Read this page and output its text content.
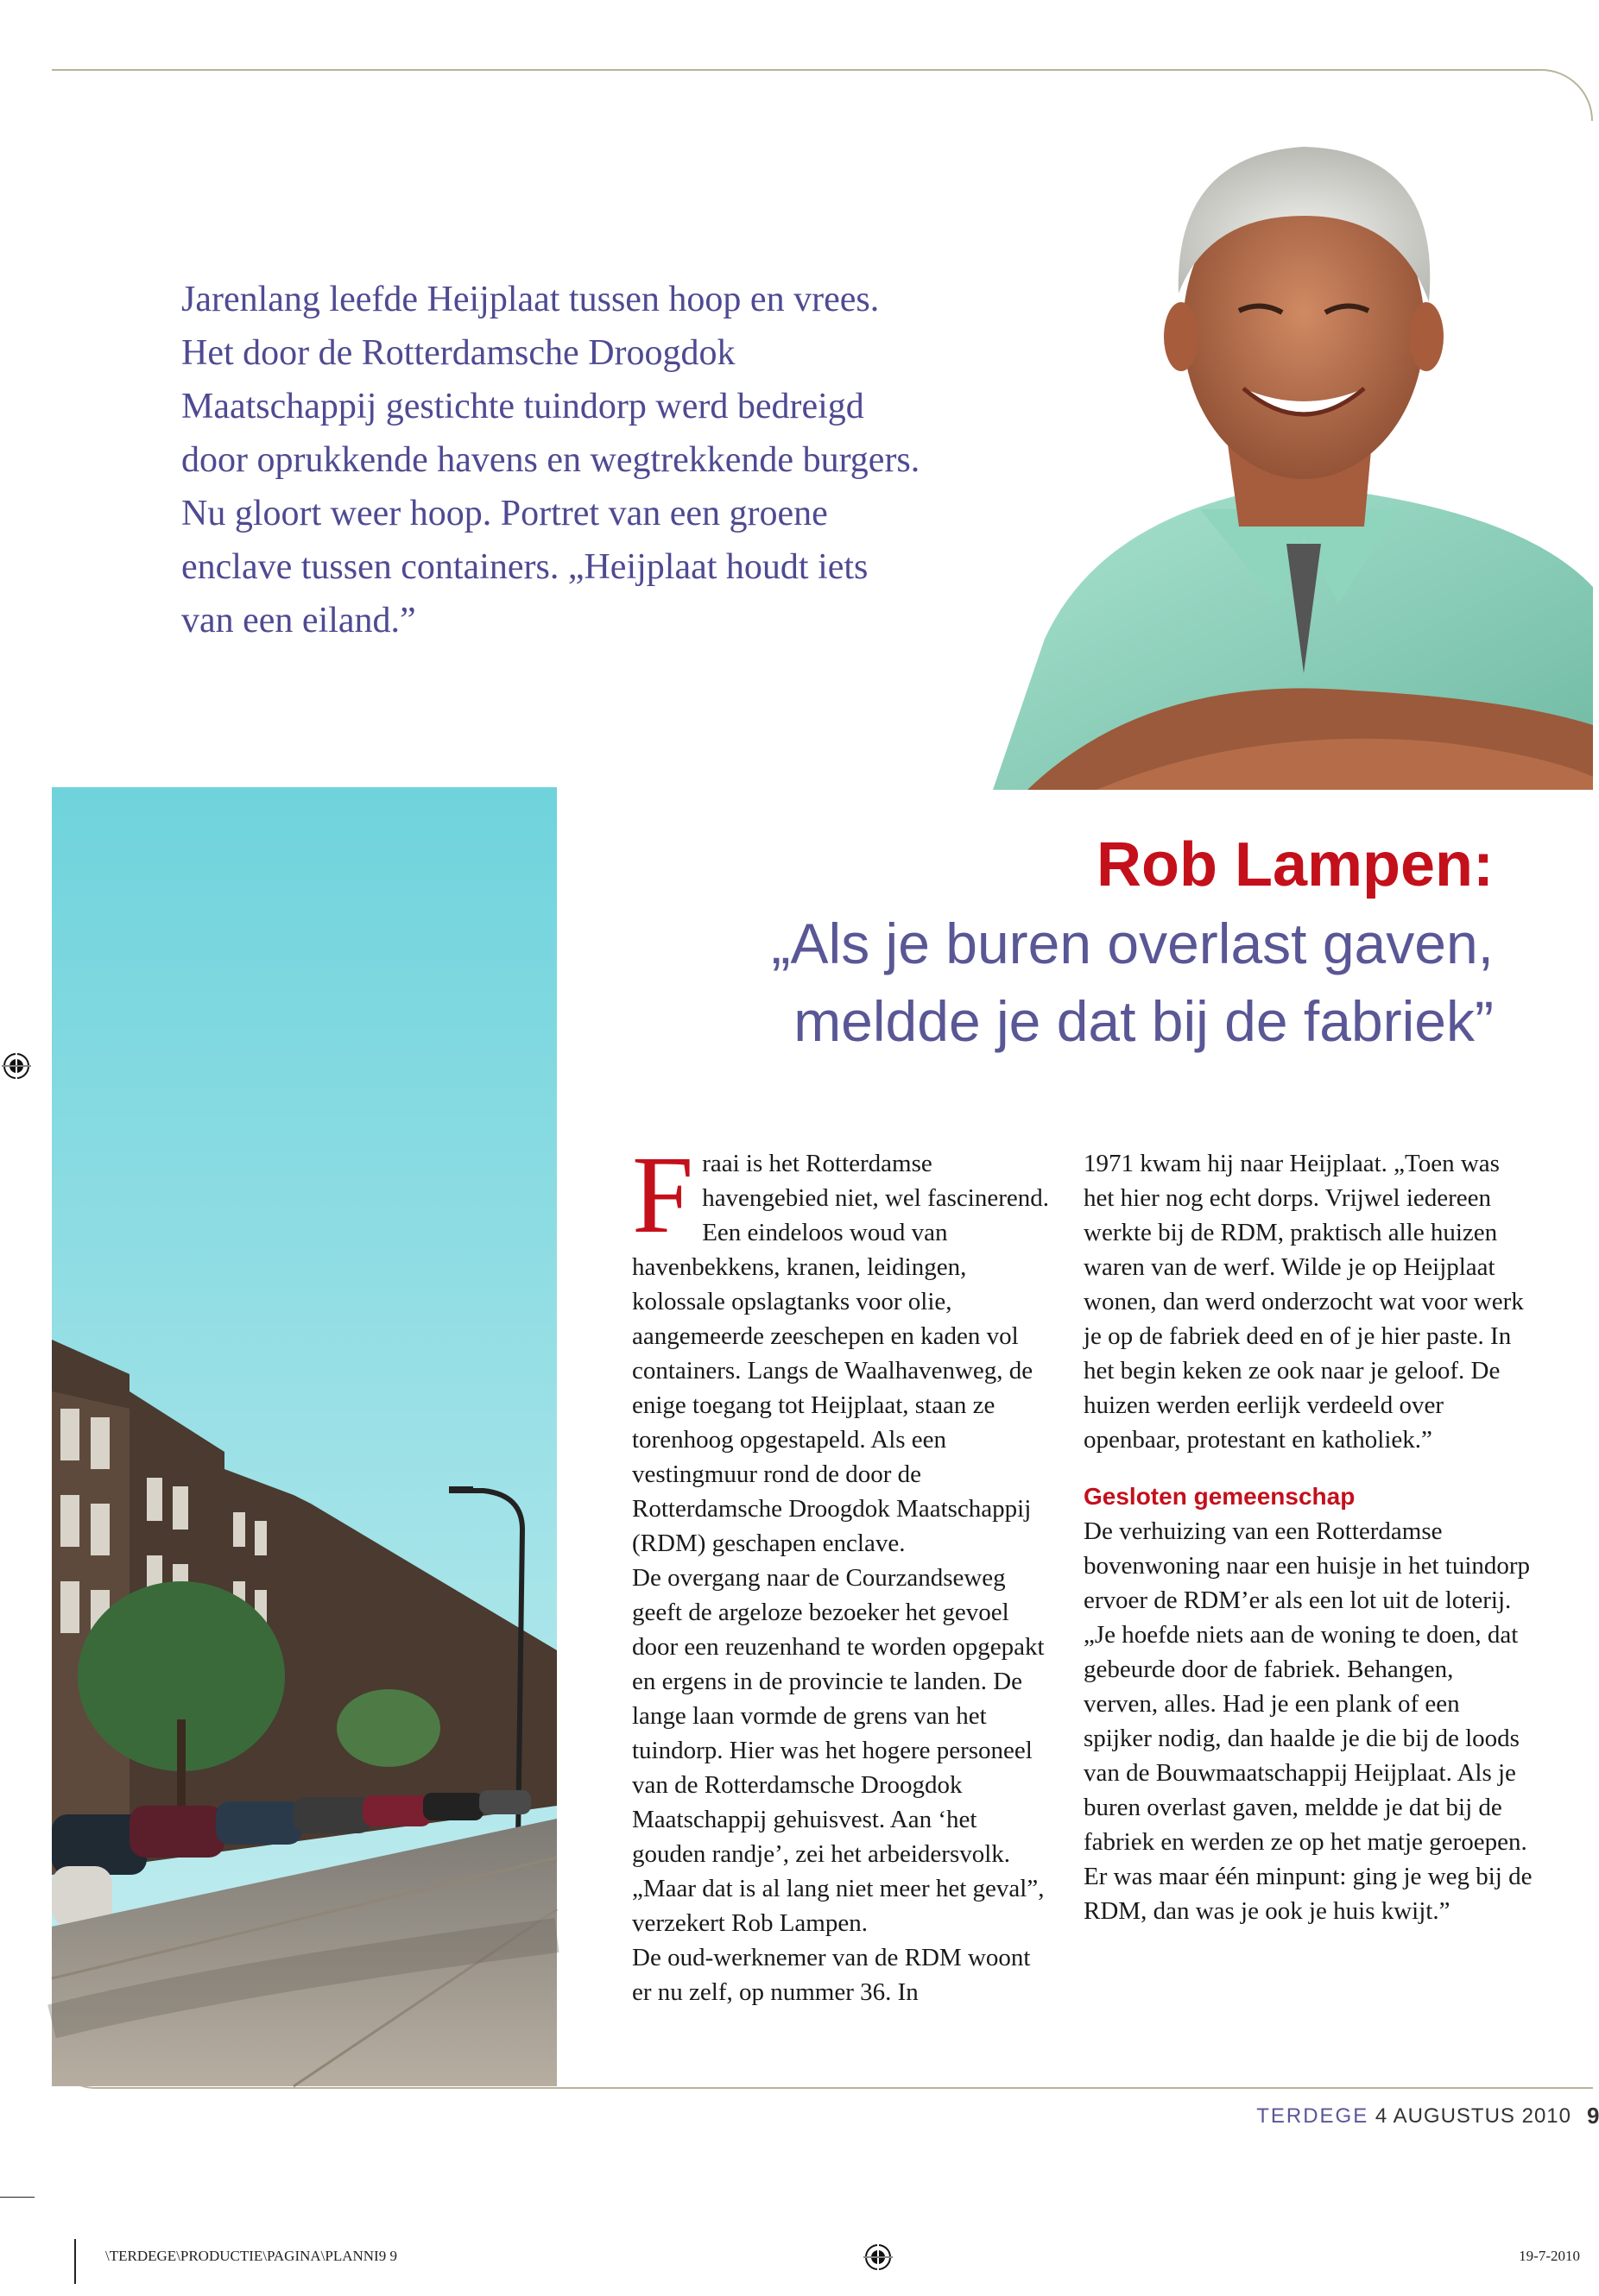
Jarenlang leefde Heijplaat tussen hoop en vrees. Het door de Rotterdamsche Droogdok Maatschappij gestichte tuindorp werd bedreigd door oprukkende havens en wegtrekkende burgers. Nu gloort weer hoop. Portret van een groene enclave tussen containers. „Heijplaat houdt iets van een eiland.”
Rob Lampen:
„Als je buren overlast gaven,
meldde je dat bij de fabriek”

F raai is het Rotterdamse havengebied niet, wel fascinerend. Een eindeloos woud van havenbekkens, kranen, leidingen, kolossale opslagtanks voor olie, aangemeerde zeeschepen en kaden vol containers. Langs de Waalhavenweg, de enige toegang tot Heijplaat, staan ze torenhoog opgestapeld. Als een vestingmuur rond de door de Rotterdamsche Droogdok Maatschappij (RDM) geschapen enclave.

De overgang naar de Courzandseweg geeft de argeloze bezoeker het gevoel door een reuzenhand te worden opgepakt en ergens in de provincie te landen. De lange laan vormde de grens van het tuindorp. Hier was het hogere personeel van de Rotterdamsche Droogdok Maatschappij gehuisvest. Aan ‘het gouden randje’, zei het arbeidersvolk. „Maar dat is al lang niet meer het geval”, verzekert Rob Lampen.

De oud-werknemer van de RDM woont er nu zelf, op nummer 36. In

1971 kwam hij naar Heijplaat. „Toen was het hier nog echt dorps. Vrijwel iedereen werkte bij de RDM, praktisch alle huizen waren van de werf. Wilde je op Heijplaat wonen, dan werd onderzocht wat voor werk je op de fabriek deed en of je hier paste. In het begin keken ze ook naar je geloof. De huizen werden eerlijk verdeeld over openbaar, protestant en katholiek.”

Gesloten gemeenschap

De verhuizing van een Rotterdamse bovenwoning naar een huisje in het tuindorp ervoer de RDM’er als een lot uit de loterij. „Je hoefde niets aan de woning te doen, dat gebeurde door de fabriek. Behangen, verven, alles. Had je een plank of een spijker nodig, dan haalde je die bij de loods van de Bouwmaatschappij Heijplaat. Als je buren overlast gaven, meldde je dat bij de fabriek en werden ze op het matje geroepen. Er was maar één minpunt: ging je weg bij de RDM, dan was je ook je huis kwijt.”

TERDEGE 4 AUGUSTUS 2010 9
\TERDEGE\PRODUCTIE\PAGINA\PLANNI9 9	19-7-2010
